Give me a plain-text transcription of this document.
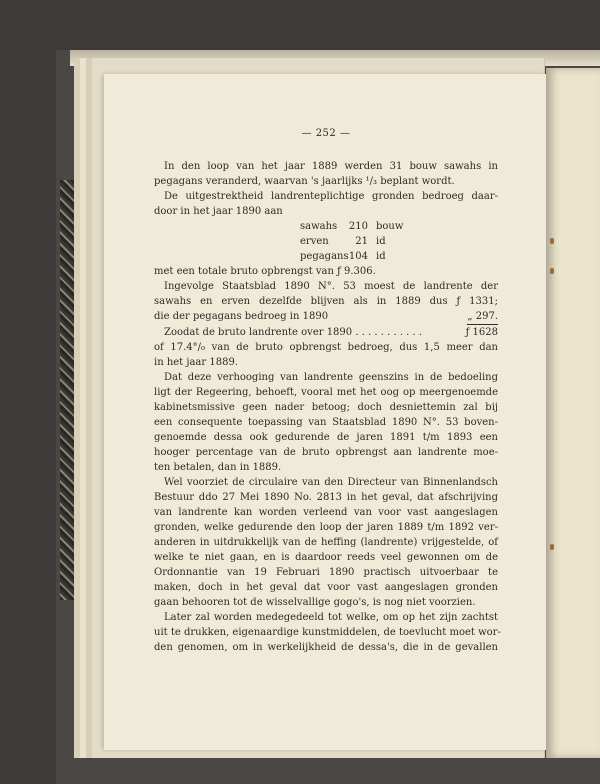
— 252 —
In den loop van het jaar 1889 werden 31 bouw sawahs in
pegagans veranderd, waarvan 's jaarlijks ¹/₃ beplant wordt.
De uitgestrektheid landrenteplichtige gronden bedroeg daar-
door in het jaar 1890 aan
sawahs	210 bouw
erven	21 id
pegagans 104 id
met een totale bruto opbrengst van ƒ 9.306.
Ingevolge Staatsblad 1890 N°. 53 moest de landrente der
sawahs en erven dezelfde blijven als in 1889 dus ƒ 1331;
die der pegagans bedroeg in 1890	„ 297.
Zoodat de bruto landrente over 1890 . . . . . . . . . . .	ƒ 1628
of 17.4°/₀ van de bruto opbrengst bedroeg, dus 1,5 meer dan
in het jaar 1889.
Dat deze verhooging van landrente geenszins in de bedoeling
ligt der Regeering, behoeft, vooral met het oog op meergenoemde
kabinetsmissive geen nader betoog; doch desniettemin zal bij
een consequente toepassing van Staatsblad 1890 N°. 53 boven-
genoemde dessa ook gedurende de jaren 1891 t/m 1893 een
hooger percentage van de bruto opbrengst aan landrente moe-
ten betalen, dan in 1889.
Wel voorziet de circulaire van den Directeur van Binnenlandsch
Bestuur ddo 27 Mei 1890 No. 2813 in het geval, dat afschrijving
van landrente kan worden verleend van voor vast aangeslagen
gronden, welke gedurende den loop der jaren 1889 t/m 1892 ver-
anderen in uitdrukkelijk van de heffing (landrente) vrijgestelde, of
welke te niet gaan, en is daardoor reeds veel gewonnen om de
Ordonnantie van 19 Februari 1890 practisch uitvoerbaar te
maken, doch in het geval dat voor vast aangeslagen gronden
gaan behooren tot de wisselvallige gogo's, is nog niet voorzien.
Later zal worden medegedeeld tot welke, om op het zijn zachtst
uit te drukken, eigenaardige kunstmiddelen, de toevlucht moet wor-
den genomen, om in werkelijkheid de dessa's, die in de gevallen
